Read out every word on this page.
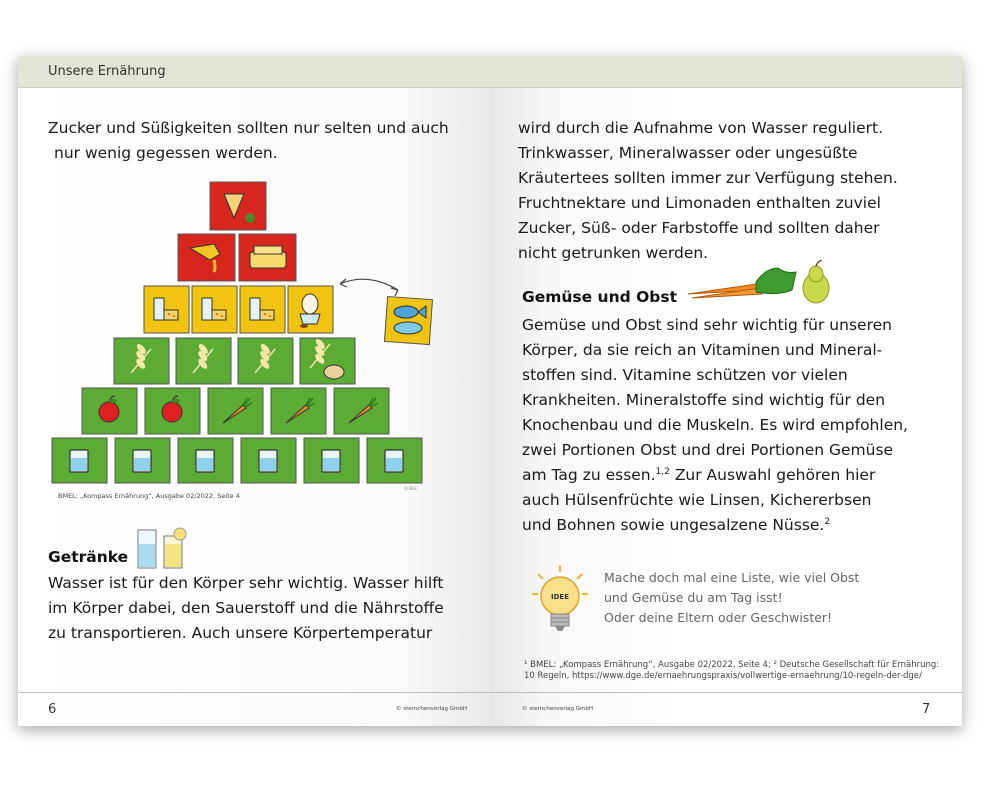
Unsere Ernährung
Zucker und Süßigkeiten sollten nur selten und auch
nur wenig gegessen werden.
BMEL: „Kompass Ernährung“, Ausgabe 02/2022, Seite 4
© BLE
Getränke
Wasser ist für den Körper sehr wichtig. Wasser hilft
im Körper dabei, den Sauerstoff und die Nährstoffe
zu transportieren. Auch unsere Körpertemperatur
6	© sternchenverlag GmbH
wird durch die Aufnahme von Wasser reguliert.
Trinkwasser, Mineralwasser oder ungesüßte
Kräutertees sollten immer zur Verfügung stehen.
Fruchtnektare und Limonaden enthalten zuviel
Zucker, Süß- oder Farbstoffe und sollten daher
nicht getrunken werden.
Gemüse und Obst
Gemüse und Obst sind sehr wichtig für unseren
Körper, da sie reich an Vitaminen und Mineral-
stoffen sind. Vitamine schützen vor vielen
Krankheiten. Mineralstoffe sind wichtig für den
Knochenbau und die Muskeln. Es wird empfohlen,
zwei Portionen Obst und drei Portionen Gemüse
am Tag zu essen.$^{1,2}$ Zur Auswahl gehören hier
auch Hülsenfrüchte wie Linsen, Kichererbsen
und Bohnen sowie ungesalzene Nüsse.$^2$
IDEE
Mache doch mal eine Liste, wie viel Obst
und Gemüse du am Tag isst!
Oder deine Eltern oder Geschwister!
¹ BMEL: „Kompass Ernährung“, Ausgabe 02/2022, Seite 4; ² Deutsche Gesellschaft für Ernährung:
10 Regeln, https://www.dge.de/ernaehrungspraxis/vollwertige-ernaehrung/10-regeln-der-dge/
© sternchenverlag GmbH	7
